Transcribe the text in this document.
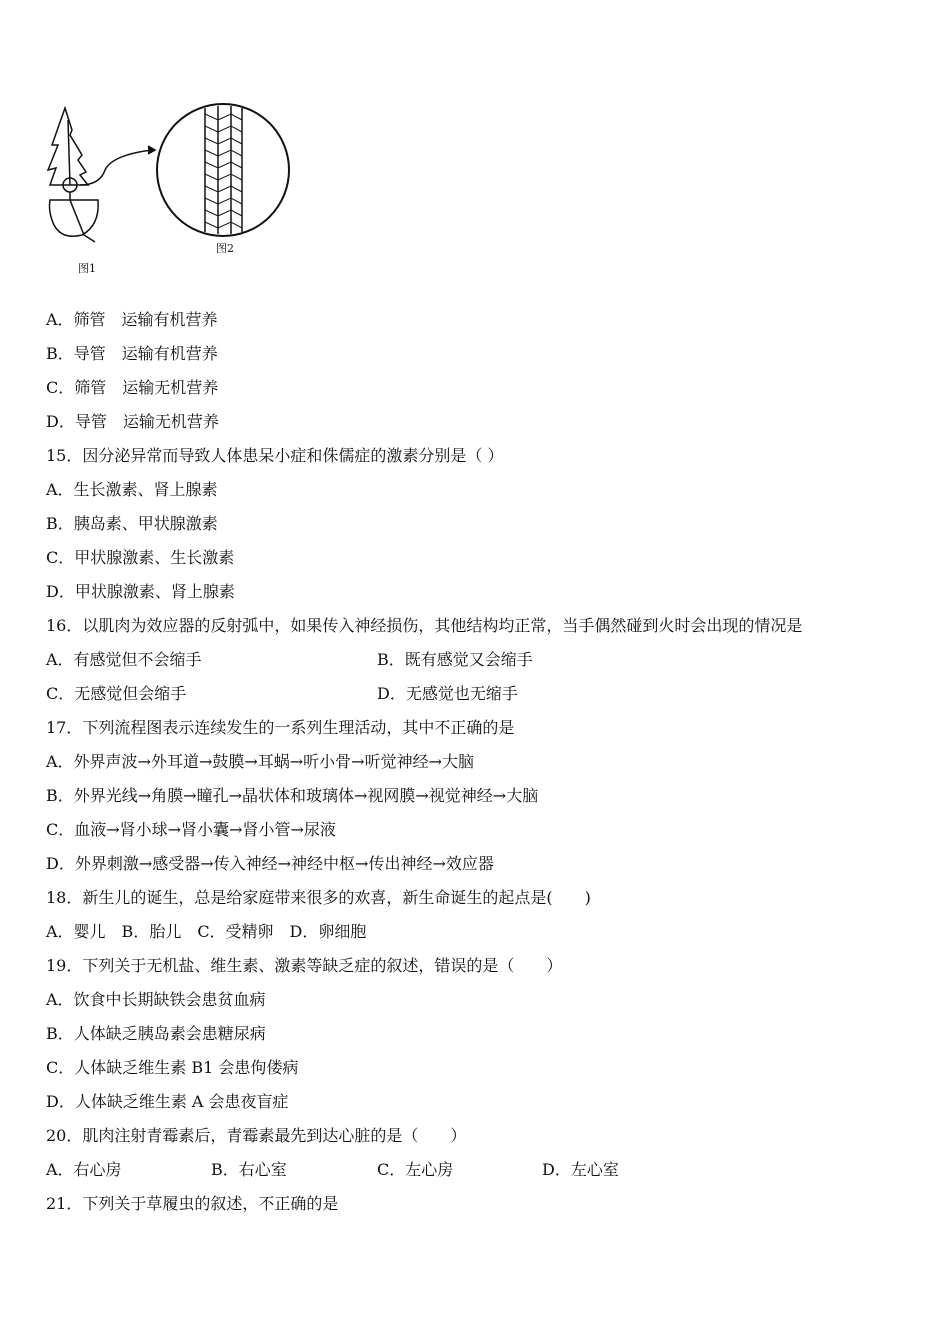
图1
图2
A．筛管　运输有机营养
B．导管　运输有机营养
C．筛管　运输无机营养
D．导管　运输无机营养
15．因分泌异常而导致人体患呆小症和侏儒症的激素分别是（ ）
A．生长激素、肾上腺素
B．胰岛素、甲状腺激素
C．甲状腺激素、生长激素
D．甲状腺激素、肾上腺素
16．以肌肉为效应器的反射弧中，如果传入神经损伤，其他结构均正常，当手偶然碰到火时会出现的情况是
A．有感觉但不会缩手	B．既有感觉又会缩手
C．无感觉但会缩手	D．无感觉也无缩手
17．下列流程图表示连续发生的一系列生理活动，其中不正确的是
A．外界声波→外耳道→鼓膜→耳蜗→听小骨→听觉神经→大脑
B．外界光线→角膜→瞳孔→晶状体和玻璃体→视网膜→视觉神经→大脑
C．血液→肾小球→肾小囊→肾小管→尿液
D．外界刺激→感受器→传入神经→神经中枢→传出神经→效应器
18．新生儿的诞生，总是给家庭带来很多的欢喜，新生命诞生的起点是(　　)
A．婴儿　B．胎儿　C．受精卵　D．卵细胞
19．下列关于无机盐、维生素、激素等缺乏症的叙述，错误的是（　　）
A．饮食中长期缺铁会患贫血病
B．人体缺乏胰岛素会患糖尿病
C．人体缺乏维生素 B1 会患佝偻病
D．人体缺乏维生素 A 会患夜盲症
20．肌肉注射青霉素后，青霉素最先到达心脏的是（　　）
A．右心房	B．右心室	C．左心房	D．左心室
21．下列关于草履虫的叙述，不正确的是
